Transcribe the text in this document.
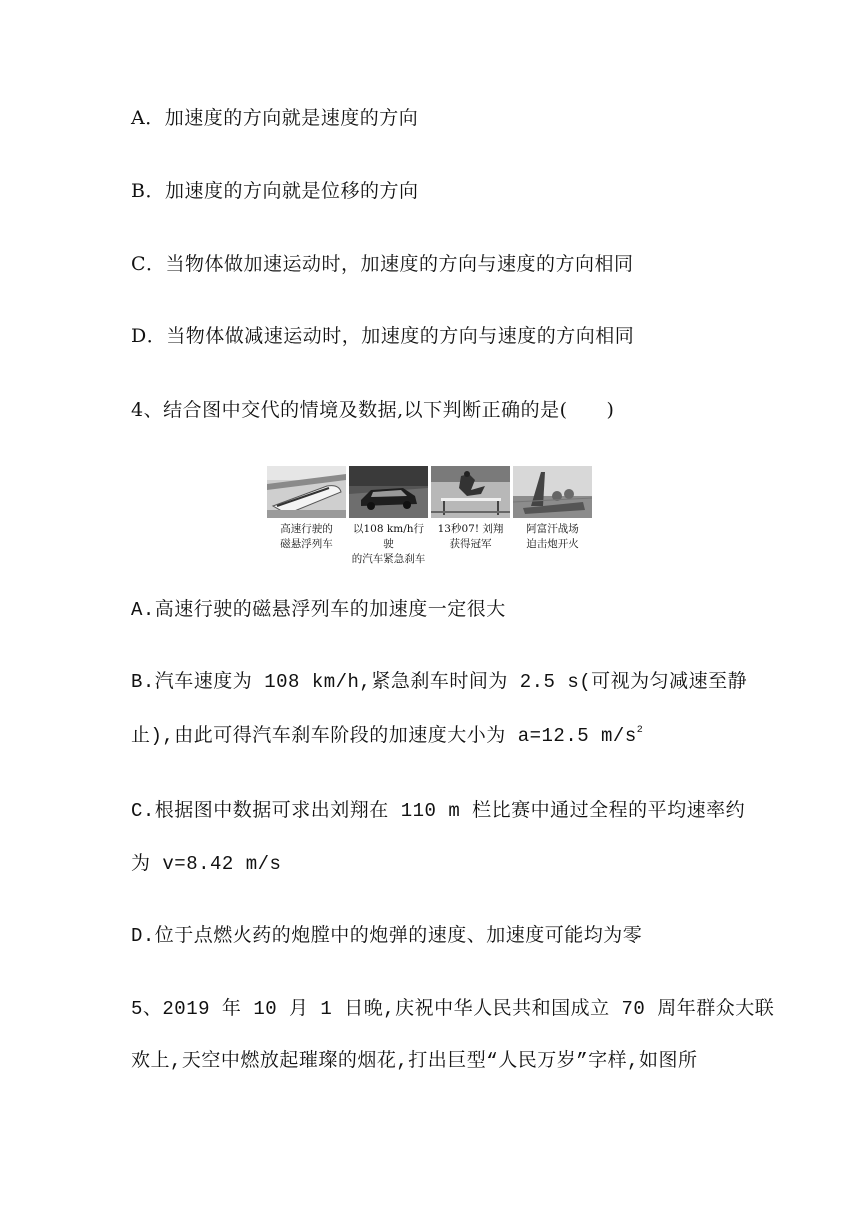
A．加速度的方向就是速度的方向
B．加速度的方向就是位移的方向
C．当物体做加速运动时，加速度的方向与速度的方向相同
D．当物体做减速运动时，加速度的方向与速度的方向相同
4、结合图中交代的情境及数据,以下判断正确的是(　　)
高速行驶的
磁悬浮列车
以108 km/h行驶
的汽车紧急刹车
13秒07! 刘翔
获得冠军
阿富汗战场
迫击炮开火
A.高速行驶的磁悬浮列车的加速度一定很大
B.汽车速度为 108 km/h,紧急刹车时间为 2.5 s(可视为匀减速至静
止),由此可得汽车刹车阶段的加速度大小为 a=12.5 $m/s^2$
C.根据图中数据可求出刘翔在 110 m 栏比赛中通过全程的平均速率约
为 v=8.42 m/s
D.位于点燃火药的炮膛中的炮弹的速度、加速度可能均为零
5、2019 年 10 月 1 日晚,庆祝中华人民共和国成立 70 周年群众大联
欢上,天空中燃放起璀璨的烟花,打出巨型“人民万岁”字样,如图所
